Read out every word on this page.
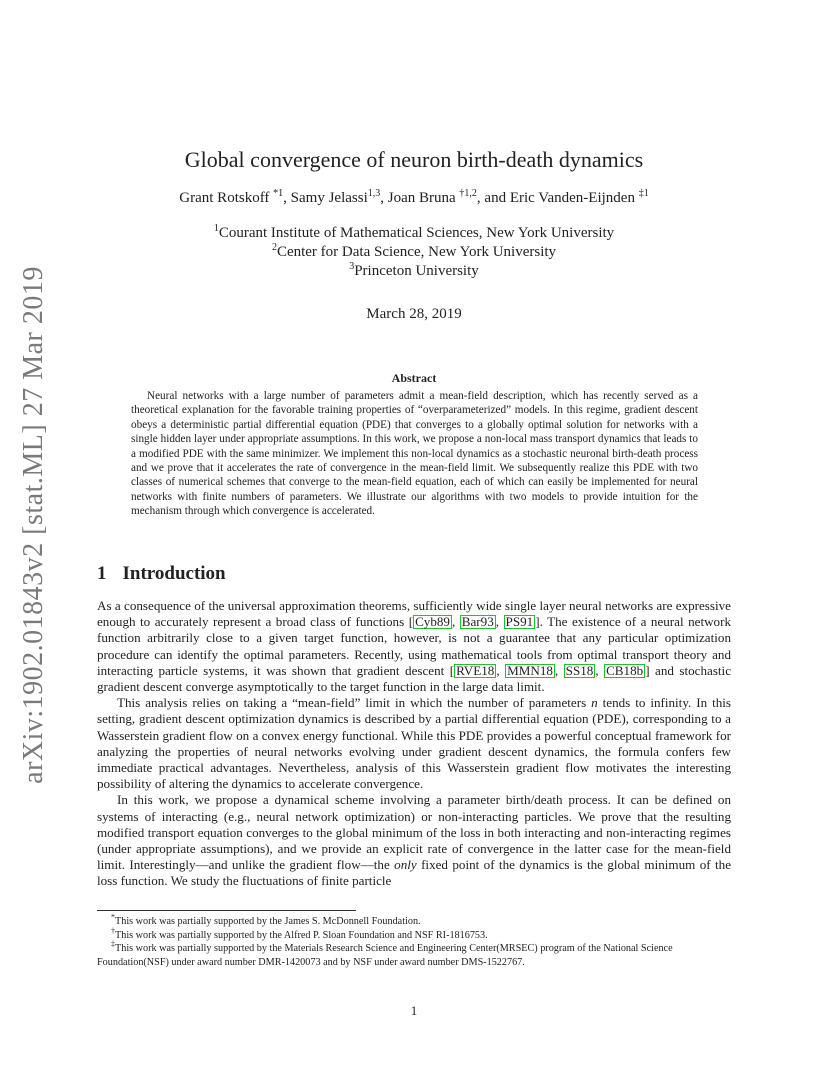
arXiv:1902.01843v2 [stat.ML] 27 Mar 2019
Global convergence of neuron birth-death dynamics
Grant Rotskoff $^{*1}$, Samy Jelassi$^{1,3}$, Joan Bruna $^{\dagger 1,2}$, and Eric Vanden-Eijnden $^{\ddagger 1}$
$^1$Courant Institute of Mathematical Sciences, New York University
$^2$Center for Data Science, New York University
$^3$Princeton University
March 28, 2019
Abstract

Neural networks with a large number of parameters admit a mean-field description, which has recently served as a theoretical explanation for the favorable training properties of “overparameterized” models. In this regime, gradient descent obeys a deterministic partial differential equation (PDE) that converges to a globally optimal solution for networks with a single hidden layer under appropriate assumptions. In this work, we propose a non-local mass transport dynamics that leads to a modified PDE with the same minimizer. We implement this non-local dynamics as a stochastic neuronal birth-death process and we prove that it accelerates the rate of convergence in the mean-field limit. We subsequently realize this PDE with two classes of numerical schemes that converge to the mean-field equation, each of which can easily be implemented for neural networks with finite numbers of parameters. We illustrate our algorithms with two models to provide intuition for the mechanism through which convergence is accelerated.

1 Introduction

As a consequence of the universal approximation theorems, sufficiently wide single layer neural networks are expressive enough to accurately represent a broad class of functions [ Cyb89 , Bar93 , PS91 ]. The existence of a neural network function arbitrarily close to a given target function, however, is not a guarantee that any particular optimization procedure can identify the optimal parameters. Recently, using mathematical tools from optimal transport theory and interacting particle systems, it was shown that gradient descent [ RVE18 , MMN18 , SS18 , CB18b ] and stochastic gradient descent converge asymptotically to the target function in the large data limit.

This analysis relies on taking a “mean-field” limit in which the number of parameters n tends to infinity. In this setting, gradient descent optimization dynamics is described by a partial differential equation (PDE), corresponding to a Wasserstein gradient flow on a convex energy functional. While this PDE provides a powerful conceptual framework for analyzing the properties of neural networks evolving under gradient descent dynamics, the formula confers few immediate practical advantages. Nevertheless, analysis of this Wasserstein gradient flow motivates the interesting possibility of altering the dynamics to accelerate convergence.

In this work, we propose a dynamical scheme involving a parameter birth/death process. It can be defined on systems of interacting (e.g., neural network optimization) or non-interacting particles. We prove that the resulting modified transport equation converges to the global minimum of the loss in both interacting and non-interacting regimes (under appropriate assumptions), and we provide an explicit rate of convergence in the latter case for the mean-field limit. Interestingly—and unlike the gradient flow—the only fixed point of the dynamics is the global minimum of the loss function. We study the fluctuations of finite particle

*This work was partially supported by the James S. McDonnell Foundation.

†This work was partially supported by the Alfred P. Sloan Foundation and NSF RI-1816753.

‡This work was partially supported by the Materials Research Science and Engineering Center(MRSEC) program of the National Science Foundation(NSF) under award number DMR-1420073 and by NSF under award number DMS-1522767.

1
